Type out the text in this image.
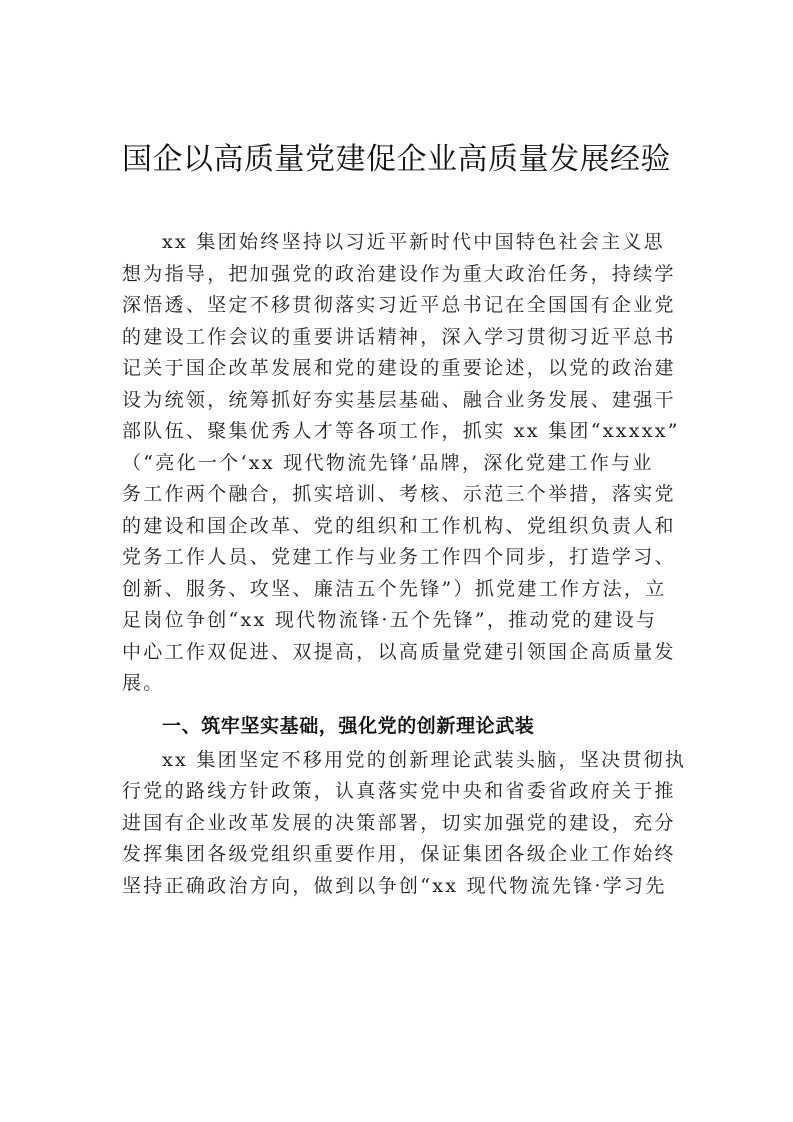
国企以高质量党建促企业高质量发展经验
xx 集团始终坚持以习近平新时代中国特色社会主义思
想为指导，把加强党的政治建设作为重大政治任务，持续学
深悟透、坚定不移贯彻落实习近平总书记在全国国有企业党
的建设工作会议的重要讲话精神，深入学习贯彻习近平总书
记关于国企改革发展和党的建设的重要论述，以党的政治建
设为统领，统筹抓好夯实基层基础、融合业务发展、建强干
部队伍、聚集优秀人才等各项工作，抓实 xx 集团“xxxxx”
（“亮化一个‘xx 现代物流先锋’品牌，深化党建工作与业
务工作两个融合，抓实培训、考核、示范三个举措，落实党
的建设和国企改革、党的组织和工作机构、党组织负责人和
党务工作人员、党建工作与业务工作四个同步，打造学习、
创新、服务、攻坚、廉洁五个先锋”）抓党建工作方法，立
足岗位争创“xx 现代物流锋·五个先锋”，推动党的建设与
中心工作双促进、双提高，以高质量党建引领国企高质量发
展。
一、筑牢坚实基础，强化党的创新理论武装
xx 集团坚定不移用党的创新理论武装头脑，坚决贯彻执
行党的路线方针政策，认真落实党中央和省委省政府关于推
进国有企业改革发展的决策部署，切实加强党的建设，充分
发挥集团各级党组织重要作用，保证集团各级企业工作始终
坚持正确政治方向，做到以争创“xx 现代物流先锋·学习先
